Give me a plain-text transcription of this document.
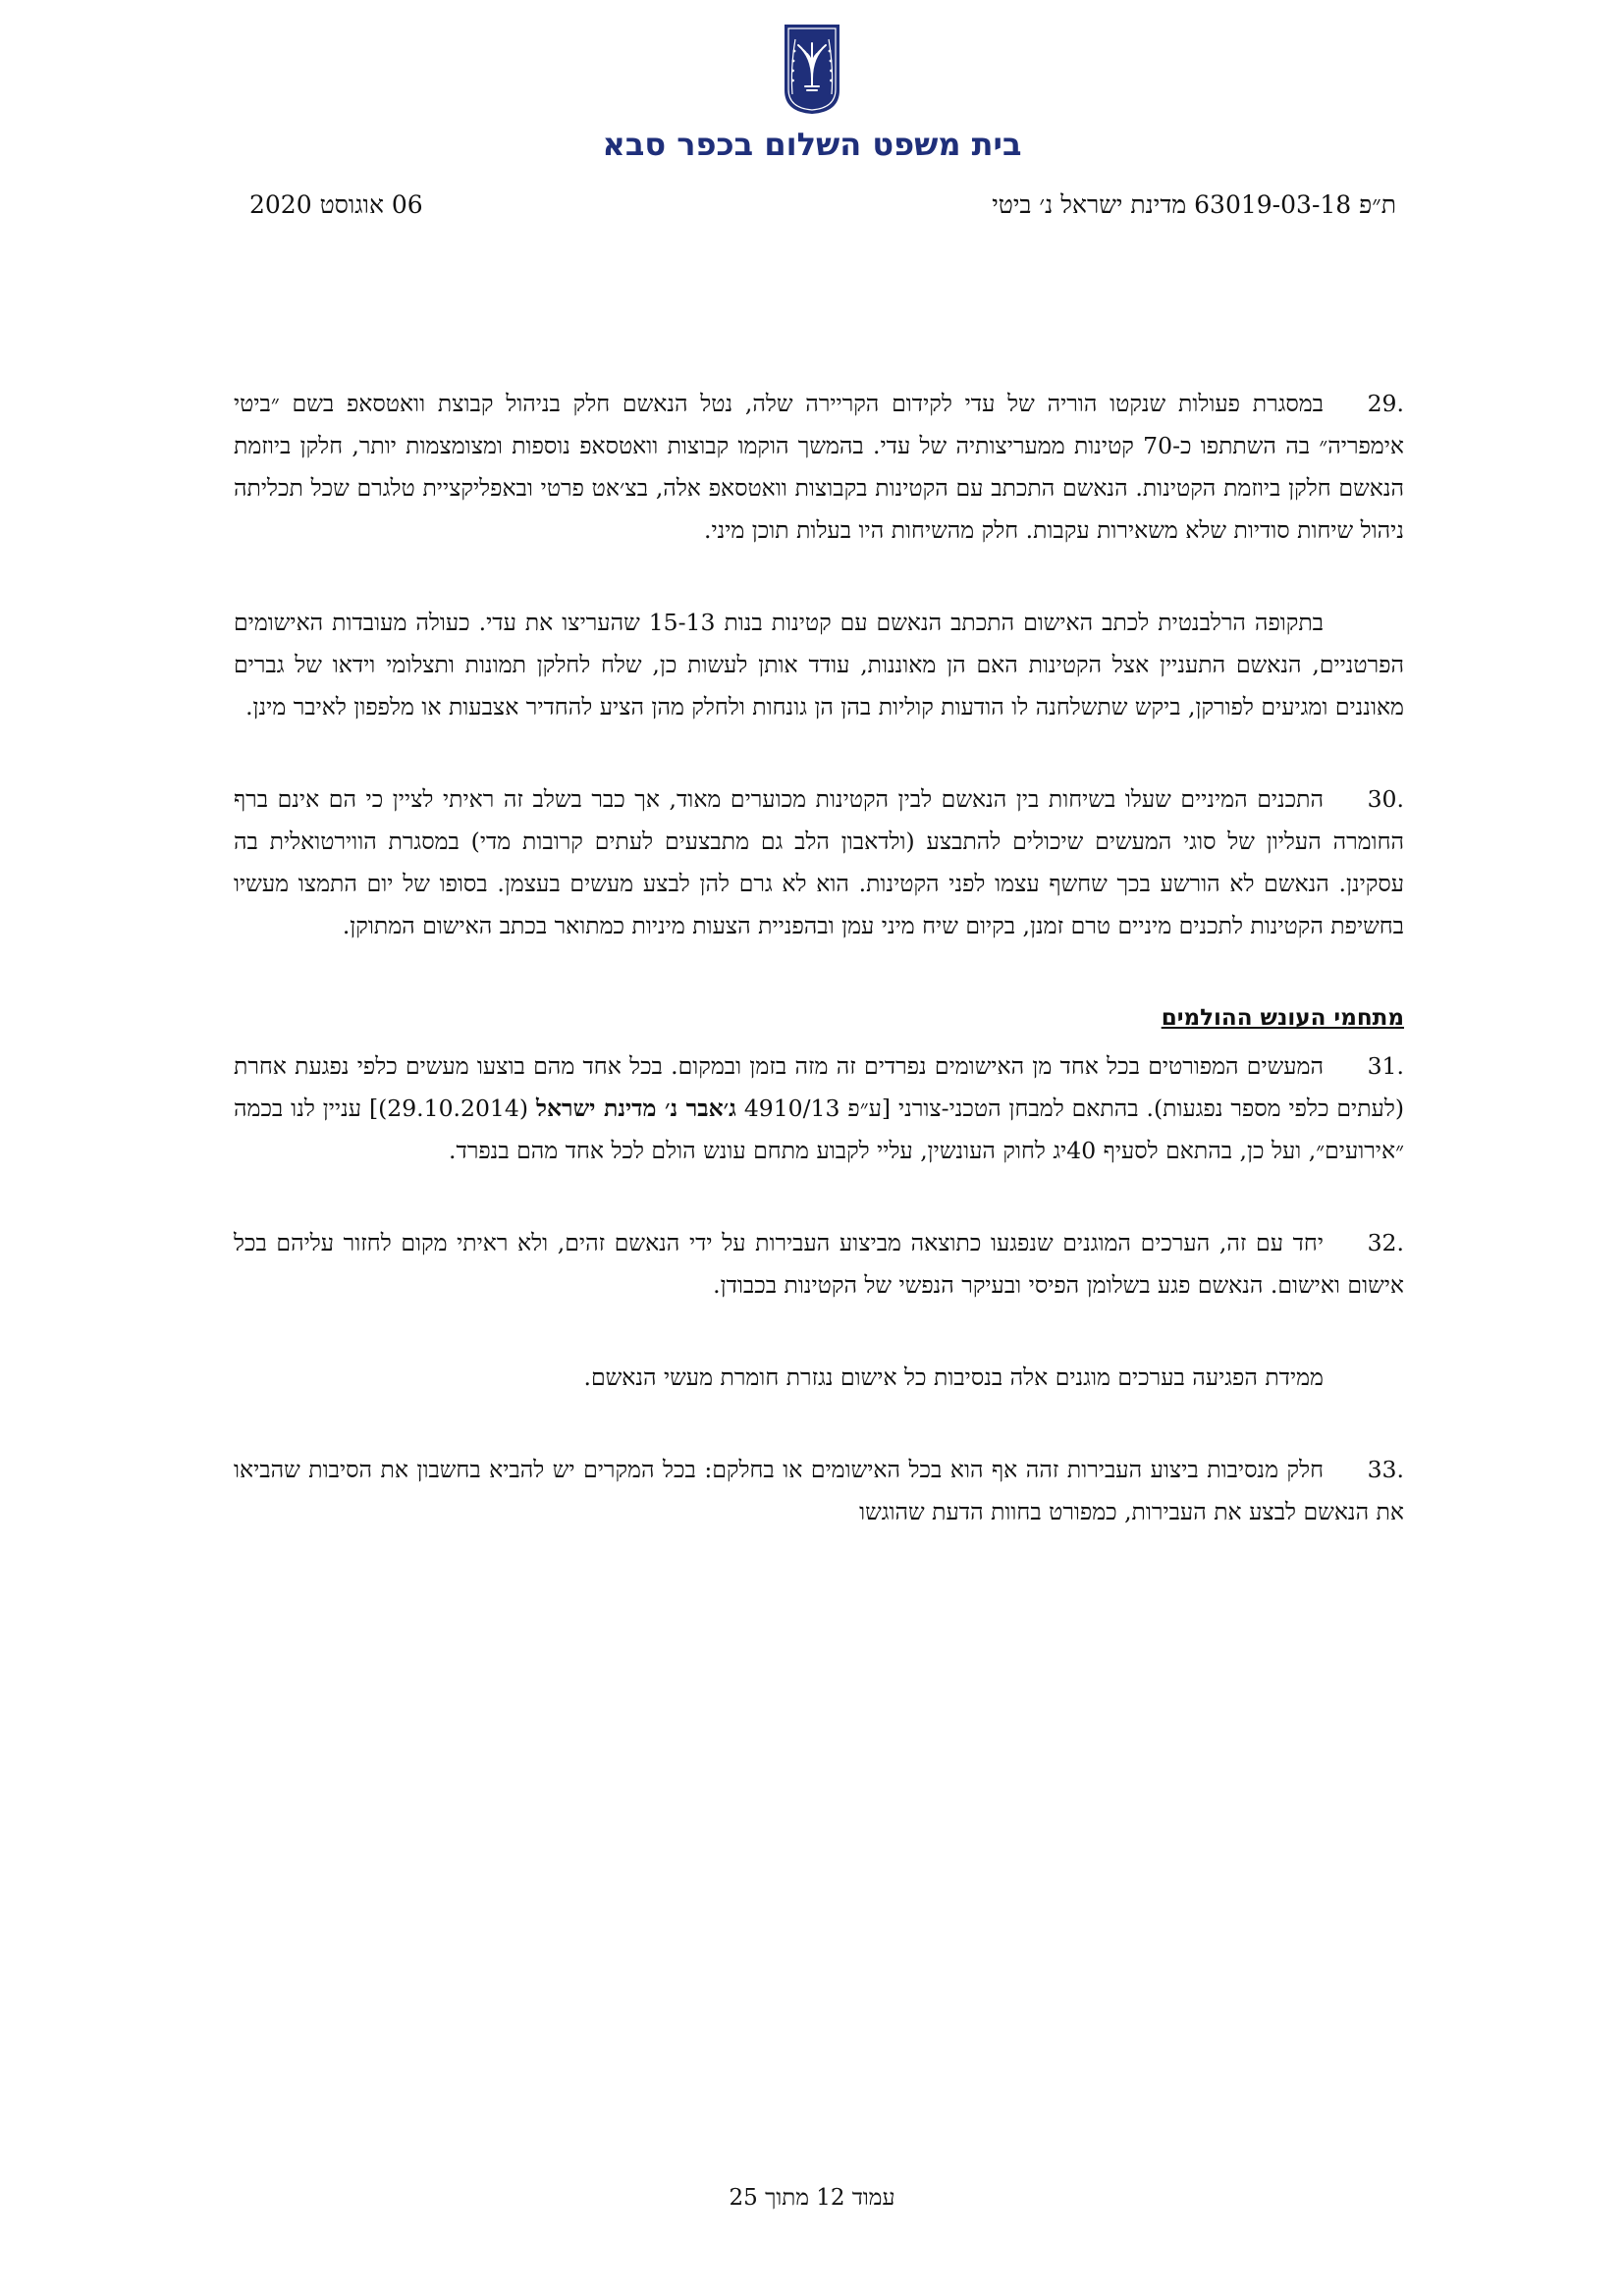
בית משפט השלום בכפר סבא
ת״פ 63019-03-18 מדינת ישראל נ׳ ביטי
06 אוגוסט 2020

.29במסגרת פעולות שנקטו הוריה של עדי לקידום הקריירה שלה, נטל הנאשם חלק בניהול קבוצת וואטסאפ בשם ״ביטי אימפריה״ בה השתתפו כ-70 קטינות ממעריצותיה של עדי. בהמשך הוקמו קבוצות וואטסאפ נוספות ומצומצמות יותר, חלקן ביוזמת הנאשם חלקן ביוזמת הקטינות. הנאשם התכתב עם הקטינות בקבוצות וואטסאפ אלה, בצ׳אט פרטי ובאפליקציית טלגרם שכל תכליתה ניהול שיחות סודיות שלא משאירות עקבות. חלק מהשיחות היו בעלות תוכן מיני.

בתקופה הרלבנטית לכתב האישום התכתב הנאשם עם קטינות בנות 15-13 שהעריצו את עדי. כעולה מעובדות האישומים הפרטניים, הנאשם התעניין אצל הקטינות האם הן מאוננות, עודד אותן לעשות כן, שלח לחלקן תמונות ותצלומי וידאו של גברים מאוננים ומגיעים לפורקן, ביקש שתשלחנה לו הודעות קוליות בהן הן גונחות ולחלק מהן הציע להחדיר אצבעות או מלפפון לאיבר מינן.

.30התכנים המיניים שעלו בשיחות בין הנאשם לבין הקטינות מכוערים מאוד, אך כבר בשלב זה ראיתי לציין כי הם אינם ברף החומרה העליון של סוגי המעשים שיכולים להתבצע (ולדאבון הלב גם מתבצעים לעתים קרובות מדי) במסגרת הווירטואלית בה עסקינן. הנאשם לא הורשע בכך שחשף עצמו לפני הקטינות. הוא לא גרם להן לבצע מעשים בעצמן. בסופו של יום התמצו מעשיו בחשיפת הקטינות לתכנים מיניים טרם זמנן, בקיום שיח מיני עמן ובהפניית הצעות מיניות כמתואר בכתב האישום המתוקן.

מתחמי העונש ההולמים

.31המעשים המפורטים בכל אחד מן האישומים נפרדים זה מזה בזמן ובמקום. בכל אחד מהם בוצעו מעשים כלפי נפגעת אחרת (לעתים כלפי מספר נפגעות). בהתאם למבחן הטכני-צורני [ע״פ 4910/13 ג׳אבר נ׳ מדינת ישראל (29.10.2014)] עניין לנו בכמה ״אירועים״, ועל כן, בהתאם לסעיף 40יג לחוק העונשין, עליי לקבוע מתחם עונש הולם לכל אחד מהם בנפרד.

.32יחד עם זה, הערכים המוגנים שנפגעו כתוצאה מביצוע העבירות על ידי הנאשם זהים, ולא ראיתי מקום לחזור עליהם בכל אישום ואישום. הנאשם פגע בשלומן הפיסי ובעיקר הנפשי של הקטינות בכבודן.

ממידת הפגיעה בערכים מוגנים אלה בנסיבות כל אישום נגזרת חומרת מעשי הנאשם.

.33חלק מנסיבות ביצוע העבירות זהה אף הוא בכל האישומים או בחלקם: בכל המקרים יש להביא בחשבון את הסיבות שהביאו את הנאשם לבצע את העבירות, כמפורט בחוות הדעת שהוגשו

עמוד 12 מתוך 25
